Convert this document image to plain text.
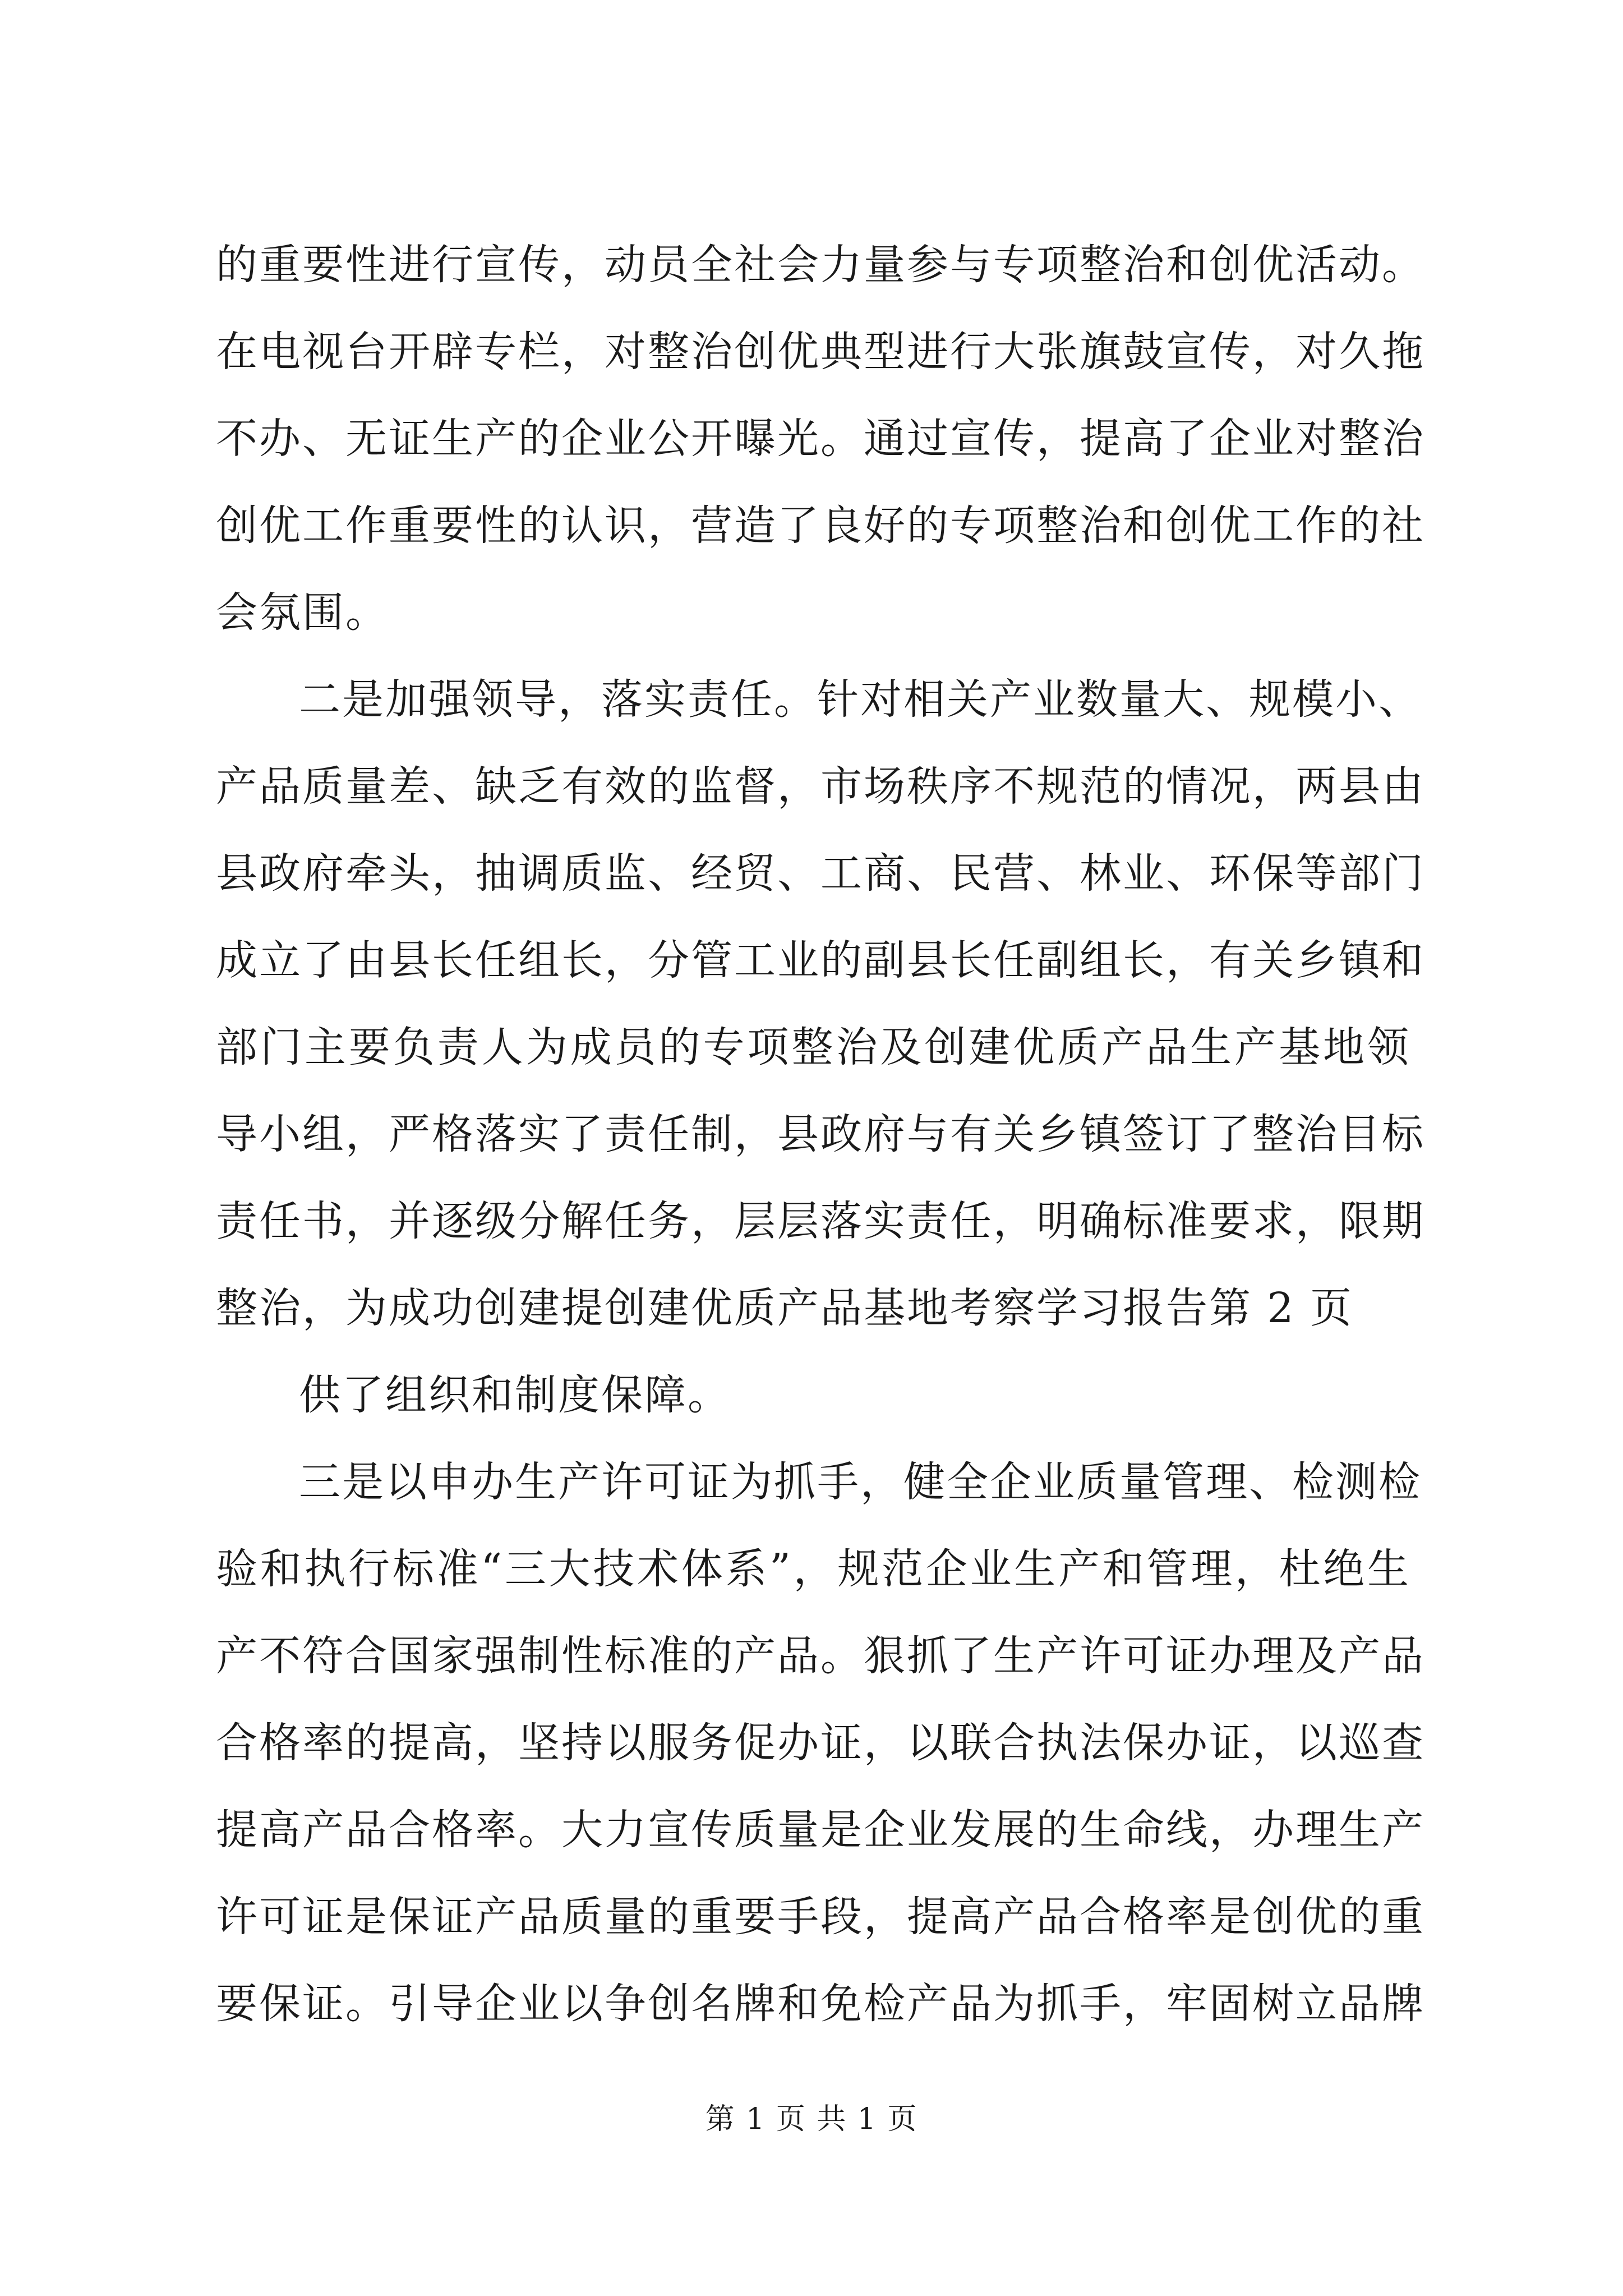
的重要性进行宣传，动员全社会力量参与专项整治和创优活动。
在电视台开辟专栏，对整治创优典型进行大张旗鼓宣传，对久拖
不办、无证生产的企业公开曝光。通过宣传，提高了企业对整治
创优工作重要性的认识，营造了良好的专项整治和创优工作的社
会氛围。
二是加强领导，落实责任。针对相关产业数量大、规模小、
产品质量差、缺乏有效的监督，市场秩序不规范的情况，两县由
县政府牵头，抽调质监、经贸、工商、民营、林业、环保等部门
成立了由县长任组长，分管工业的副县长任副组长，有关乡镇和
部门主要负责人为成员的专项整治及创建优质产品生产基地领
导小组，严格落实了责任制，县政府与有关乡镇签订了整治目标
责任书，并逐级分解任务，层层落实责任，明确标准要求，限期
整治，为成功创建提创建优质产品基地考察学习报告第 2 页
供了组织和制度保障。
三是以申办生产许可证为抓手，健全企业质量管理、检测检
验和执行标准“三大技术体系”，规范企业生产和管理，杜绝生
产不符合国家强制性标准的产品。狠抓了生产许可证办理及产品
合格率的提高，坚持以服务促办证，以联合执法保办证，以巡查
提高产品合格率。大力宣传质量是企业发展的生命线，办理生产
许可证是保证产品质量的重要手段，提高产品合格率是创优的重
要保证。引导企业以争创名牌和免检产品为抓手，牢固树立品牌
第 1 页 共 1 页
